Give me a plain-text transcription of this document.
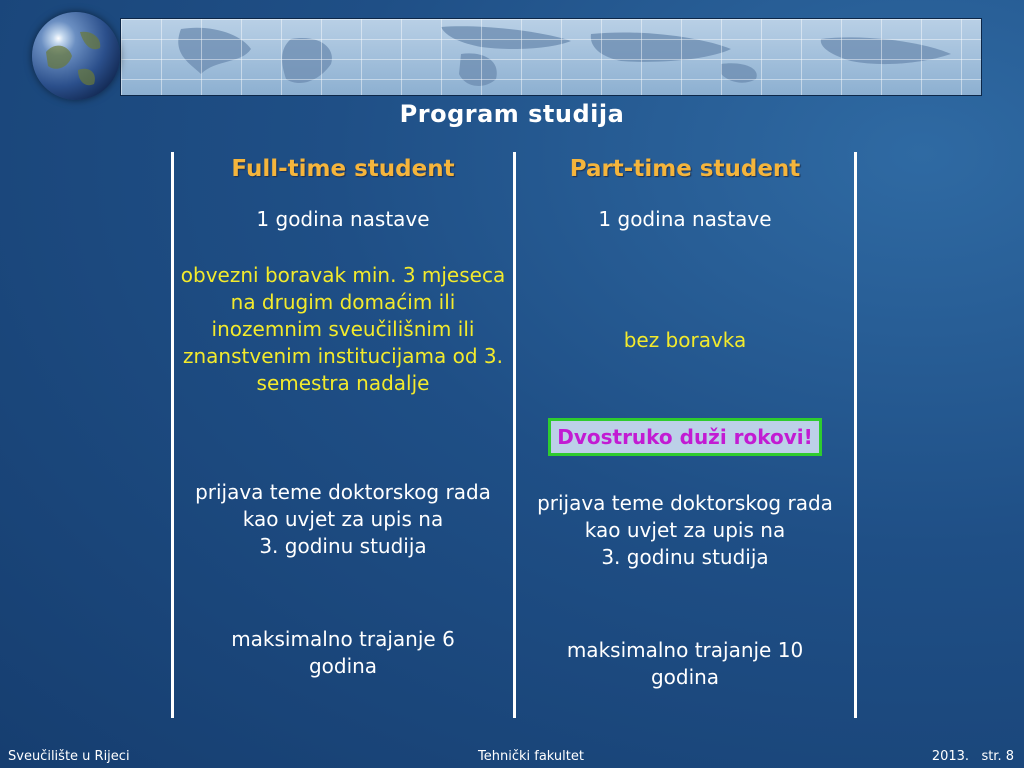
Program studija
Full-time student
1 godina nastave
obvezni boravak min. 3 mjeseca na drugim domaćim ili inozemnim sveučilišnim ili znanstvenim institucijama od 3. semestra nadalje
prijava teme doktorskog rada
kao uvjet za upis na
3. godinu studija
maksimalno trajanje 6 godina
Part-time student
1 godina nastave
bez boravka
Dvostruko duži rokovi!
prijava teme doktorskog rada
kao uvjet za upis na
3. godinu studija
maksimalno trajanje 10 godina
Sveučilište u Rijeci	Tehnički fakultet	2013.   str. 8
